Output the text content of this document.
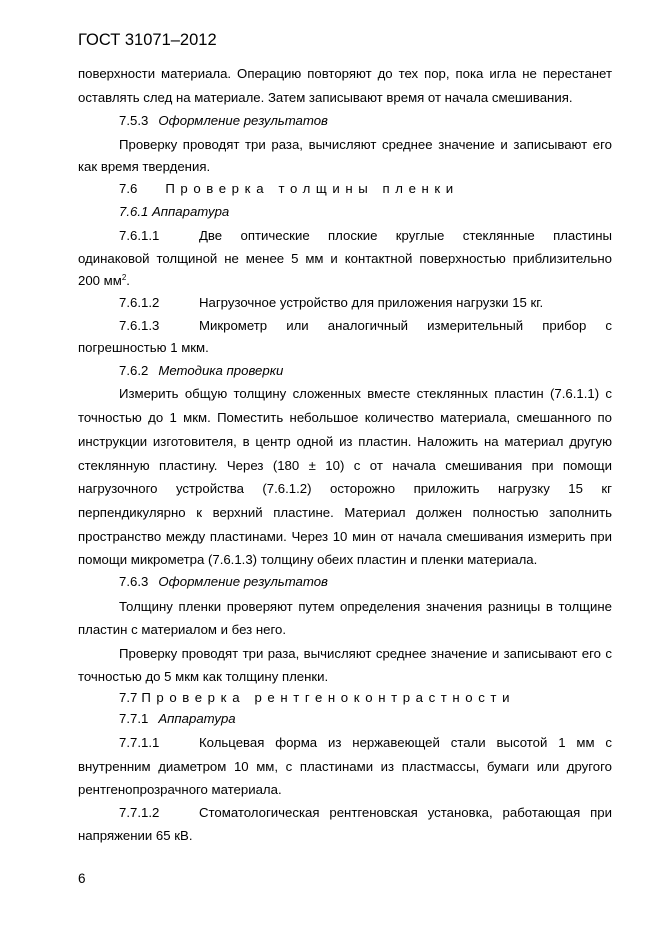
ГОСТ 31071–2012
поверхности материала. Операцию повторяют до тех пор, пока игла не перестанет
оставлять след на материале. Затем записывают время от начала смешивания.
7.5.3 Оформление результатов
Проверку проводят три раза, вычисляют среднее значение и записывают его
как время твердения.
7.6 Проверка толщины пленки
7.6.1 Аппаратура
7.6.1.1	Две оптические плоские круглые стеклянные пластины
одинаковой толщиной не менее 5 мм и контактной поверхностью приблизительно
200 $мм^2$.
7.6.1.2	Нагрузочное устройство для приложения нагрузки 15 кг.
7.6.1.3	Микрометр или аналогичный измерительный прибор с
погрешностью 1 мкм.
7.6.2 Методика проверки
Измерить общую толщину сложенных вместе стеклянных пластин (7.6.1.1) с
точностью до 1 мкм. Поместить небольшое количество материала, смешанного по
инструкции изготовителя, в центр одной из пластин. Наложить на материал другую
стеклянную пластину. Через (180 ± 10) с от начала смешивания при помощи
нагрузочного устройства (7.6.1.2) осторожно приложить нагрузку 15 кг
перпендикулярно к верхний пластине. Материал должен полностью заполнить
пространство между пластинами. Через 10 мин от начала смешивания измерить при
помощи микрометра (7.6.1.3) толщину обеих пластин и пленки материала.
7.6.3 Оформление результатов
Толщину пленки проверяют путем определения значения разницы в толщине
пластин с материалом и без него.
Проверку проводят три раза, вычисляют среднее значение и записывают его с
точностью до 5 мкм как толщину пленки.
7.7 Проверка рентгеноконтрастности
7.7.1 Аппаратура
7.7.1.1	Кольцевая форма из нержавеющей стали высотой 1 мм с
внутренним диаметром 10 мм, с пластинами из пластмассы, бумаги или другого
рентгенопрозрачного материала.
7.7.1.2	Стоматологическая рентгеновская установка, работающая при
напряжении 65 кВ.
6
